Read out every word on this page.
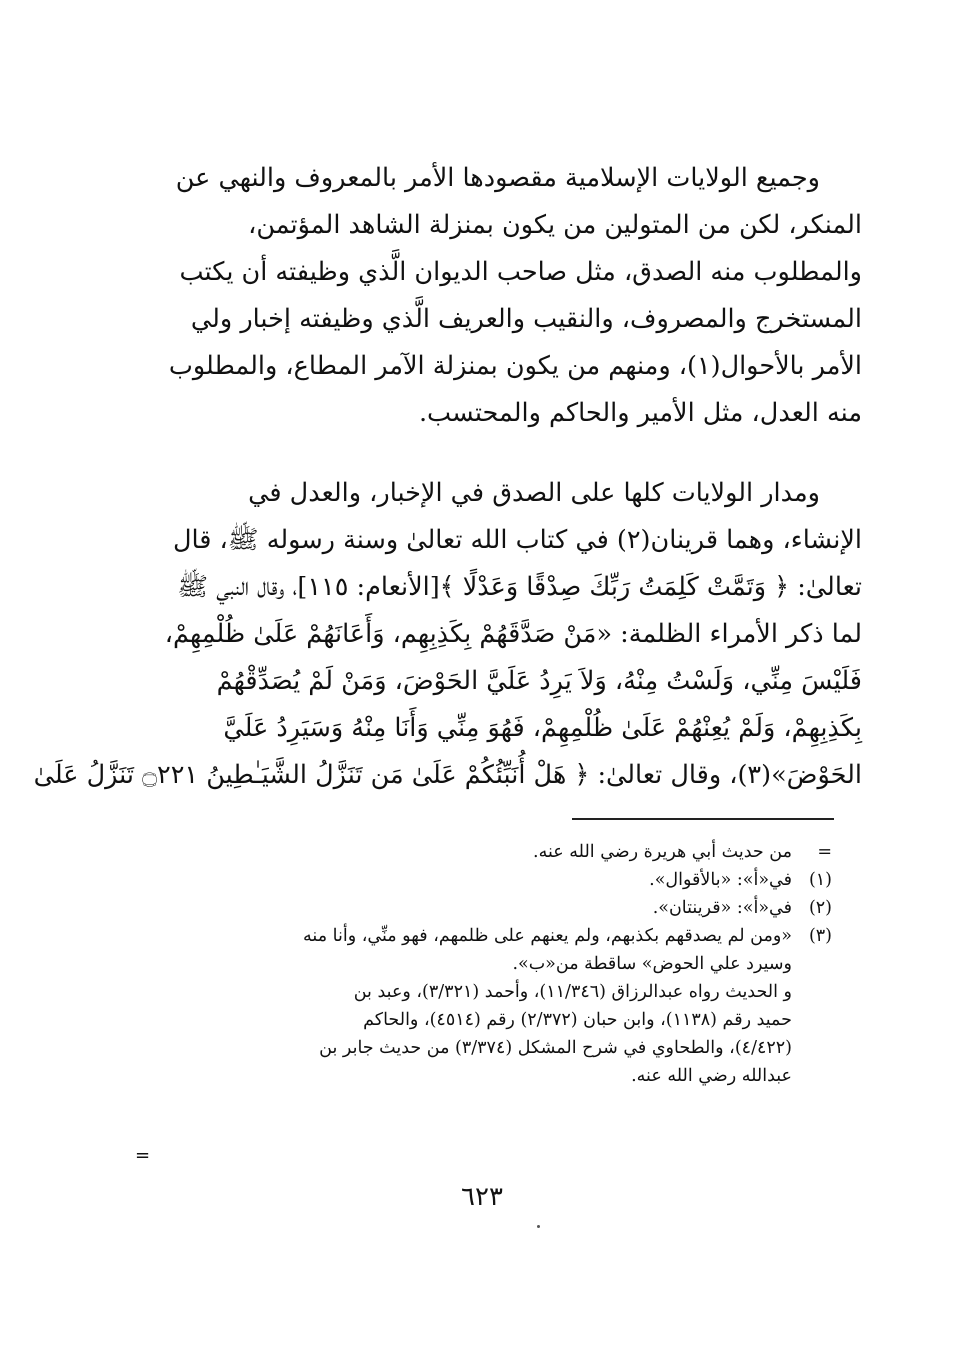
وجميع الولايات الإسلامية مقصودها الأمر بالمعروف والنهي عن
المنكر، لكن من المتولين من يكون بمنزلة الشاهد المؤتمن،
والمطلوب منه الصدق، مثل صاحب الديوان الَّذي وظيفته أن يكتب
المستخرج والمصروف، والنقيب والعريف الَّذي وظيفته إخبار ولي
الأمر بالأحوال(١)، ومنهم من يكون بمنزلة الآمر المطاع، والمطلوب
منه العدل، مثل الأمير والحاكم والمحتسب.
ومدار الولايات كلها على الصدق في الإخبار، والعدل في
الإنشاء، وهما قرينان(٢) في كتاب الله تعالىٰ وسنة رسوله ﷺ، قال
تعالىٰ: ﴿ وَتَمَّتْ كَلِمَتُ رَبِّكَ صِدْقًا وَعَدْلًا ﴾[الأنعام: ١١٥]، وقال النبي ﷺ
لما ذكر الأمراء الظلمة: «مَنْ صَدَّقَهُمْ بِكَذِبِهِم، وَأَعَانَهُمْ عَلَىٰ ظُلْمِهِمْ،
فَلَيْسَ مِنِّي، وَلَسْتُ مِنْهُ، وَلاَ يَرِدُ عَلَيَّ الحَوْضَ، وَمَنْ لَمْ يُصَدِّقْهُمْ
بِكَذِبِهِمْ، وَلَمْ يُعِنْهُمْ عَلَىٰ ظُلْمِهِمْ، فَهُوَ مِنِّي وَأَنَا مِنْهُ وَسَيَرِدُ عَلَيَّ
الحَوْضَ»(٣)، وقال تعالىٰ: ﴿ هَلْ أُنَبِّئُكُمْ عَلَىٰ مَن تَنَزَّلُ الشَّيَـٰطِينُ ۝٢٢١ تَنَزَّلُ عَلَىٰ
=
من حديث أبي هريرة رضي الله عنه.
(١)
في«أ»: «بالأقوال».
(٢)
في«أ»: «قرينتان».
(٣)
«ومن لم يصدقهم بكذبهم، ولم يعنهم على ظلمهم، فهو منِّي، وأنا منه
وسيرد علي الحوض» ساقطة من«ب».
و الحديث رواه عبدالرزاق (١١/٣٤٦)، وأحمد (٣/٣٢١)، وعبد بن
حميد رقم (١١٣٨)، وابن حبان (٢/٣٧٢) رقم (٤٥١٤)، والحاكم
(٤/٤٢٢)، والطحاوي في شرح المشكل (٣/٣٧٤) من حديث جابر بن
عبدالله رضي الله عنه.
=
٦٢٣
